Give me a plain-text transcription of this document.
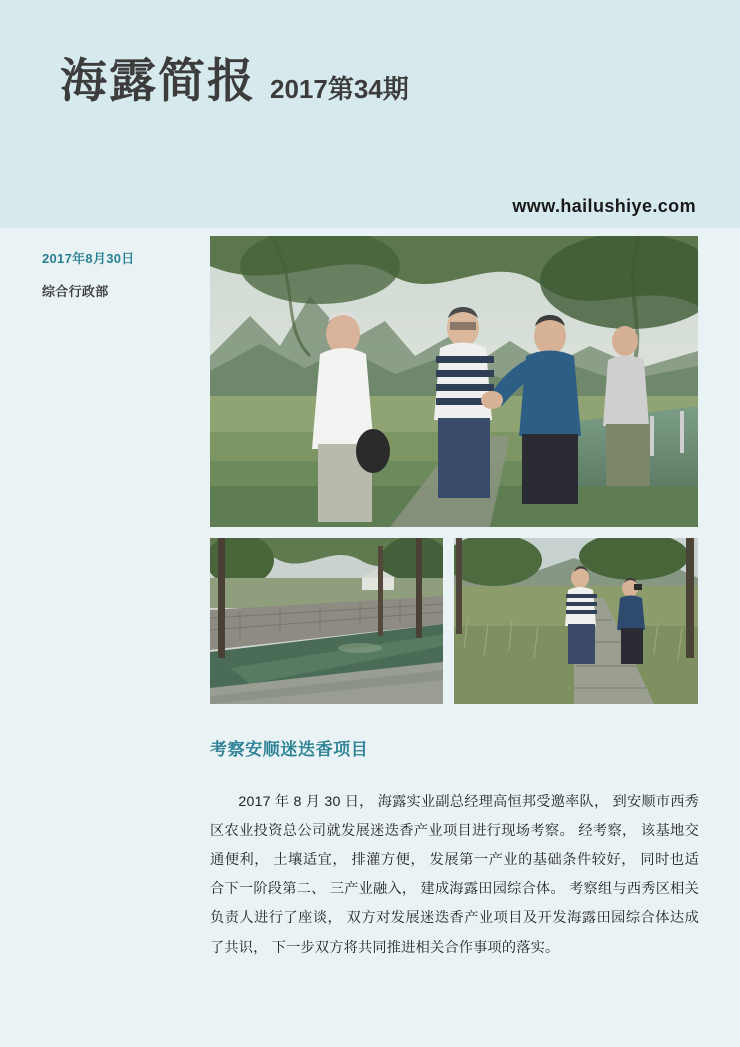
海露简报 2017第34期
www.hailushiye.com
2017年8月30日
综合行政部
考察安顺迷迭香项目
2017 年 8 月 30 日， 海露实业副总经理高恒邦受邀率队， 到安顺市西秀区农业投资总公司就发展迷迭香产业项目进行现场考察。 经考察， 该基地交通便利， 土壤适宜， 排灌方便， 发展第一产业的基础条件较好， 同时也适合下一阶段第二、 三产业融入， 建成海露田园综合体。 考察组与西秀区相关负责人进行了座谈， 双方对发展迷迭香产业项目及开发海露田园综合体达成了共识， 下一步双方将共同推进相关合作事项的落实。
